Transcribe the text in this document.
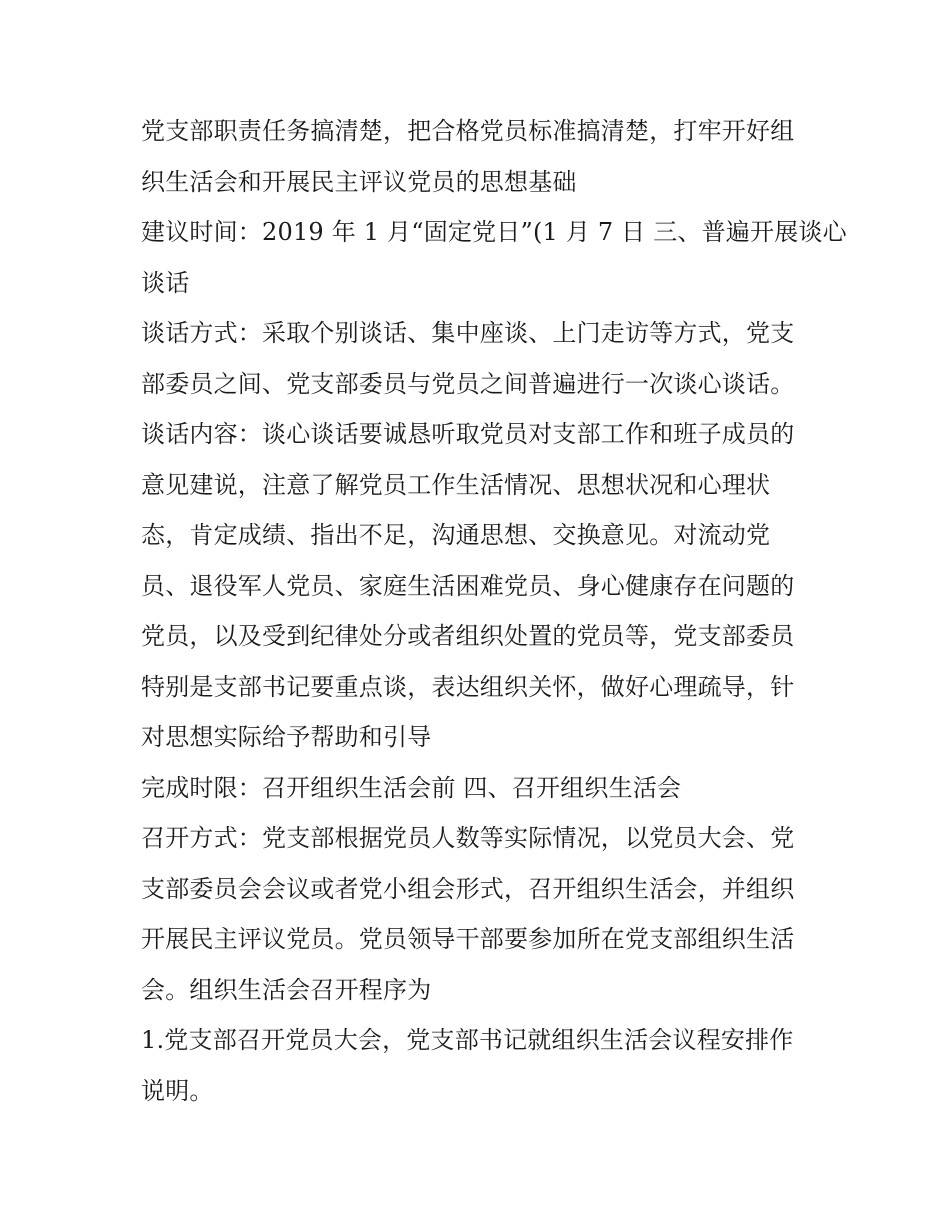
党支部职责任务搞清楚，把合格党员标准搞清楚，打牢开好组
织生活会和开展民主评议党员的思想基础
建议时间：2019 年 1 月“固定党日”(1 月 7 日 三、普遍开展谈心
谈话
谈话方式：采取个别谈话、集中座谈、上门走访等方式，党支
部委员之间、党支部委员与党员之间普遍进行一次谈心谈话。
谈话内容：谈心谈话要诚恳听取党员对支部工作和班子成员的
意见建说，注意了解党员工作生活情况、思想状况和心理状
态，肯定成绩、指出不足，沟通思想、交换意见。对流动党
员、退役军人党员、家庭生活困难党员、身心健康存在问题的
党员，以及受到纪律处分或者组织处置的党员等，党支部委员
特别是支部书记要重点谈，表达组织关怀，做好心理疏导，针
对思想实际给予帮助和引导
完成时限：召开组织生活会前 四、召开组织生活会
召开方式：党支部根据党员人数等实际情况，以党员大会、党
支部委员会会议或者党小组会形式，召开组织生活会，并组织
开展民主评议党员。党员领导干部要参加所在党支部组织生活
会。组织生活会召开程序为
1.党支部召开党员大会，党支部书记就组织生活会议程安排作
说明。
